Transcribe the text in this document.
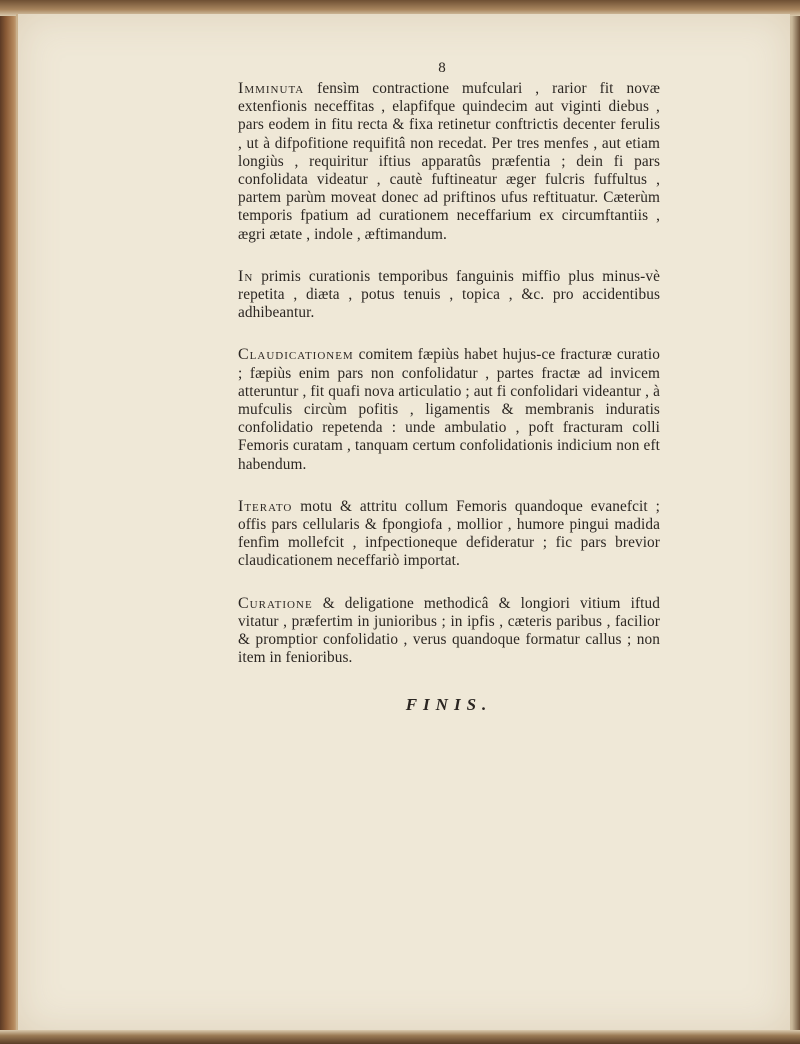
8

Imminuta fensìm contractione mufculari , rarior fit novæ extenfionis neceffitas , elapfifque quindecim aut viginti diebus , pars eodem in fitu recta & fixa retinetur conftrictis decenter ferulis , ut à difpofitione requifitâ non recedat. Per tres menfes , aut etiam longiùs , requiritur iftius apparatûs præfentia ; dein fi pars confolidata videatur , cautè fuftineatur æger fulcris fuffultus , partem parùm moveat donec ad priftinos ufus reftituatur. Cæterùm temporis fpatium ad curationem neceffarium ex circumftantiis , ægri ætate , indole , æftimandum.

In primis curationis temporibus fanguinis miffio plus minus-vè repetita , diæta , potus tenuis , topica , &c. pro accidentibus adhibeantur.

Claudicationem comitem fæpiùs habet hujus-ce fracturæ curatio ; fæpiùs enim pars non confolidatur , partes fractæ ad invicem atteruntur , fit quafi nova articulatio ; aut fi confolidari videantur , à mufculis circùm pofitis , ligamentis & membranis induratis confolidatio repetenda : unde ambulatio , poft fracturam colli Femoris curatam , tanquam certum confolidationis indicium non eft habendum.

Iterato motu & attritu collum Femoris quandoque evanefcit ; offis pars cellularis & fpongiofa , mollior , humore pingui madida fenfìm mollefcit , infpectioneque defideratur ; fic pars brevior claudicationem neceffariò importat.

Curatione & deligatione methodicâ & longiori vitium iftud vitatur , præfertim in junioribus ; in ipfis , cæteris paribus , facilior & promptior confolidatio , verus quandoque formatur callus ; non item in fenioribus.

FINIS.
